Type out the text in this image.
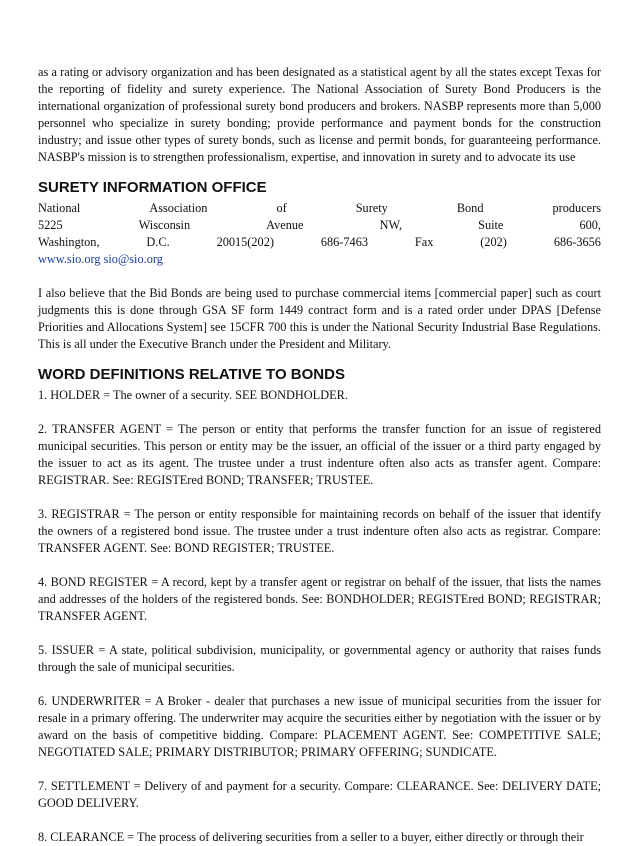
as a rating or advisory organization and has been designated as a statistical agent by all the states except Texas for the reporting of fidelity and surety experience. The National Association of Surety Bond Producers is the international organization of professional surety bond producers and brokers. NASBP represents more than 5,000 personnel who specialize in surety bonding; provide performance and payment bonds for the construction industry; and issue other types of surety bonds, such as license and permit bonds, for guaranteeing performance. NASBP's mission is to strengthen professionalism, expertise, and innovation in surety and to advocate its use

SURETY INFORMATION OFFICE
National	Association	of	Surety	Bond	producers
5225	Wisconsin	Avenue	NW,	Suite	600,
Washington,	D.C.	20015(202)	686-7463	Fax	(202)	686-3656

www.sio.org sio@sio.org

I also believe that the Bid Bonds are being used to purchase commercial items [commercial paper] such as court judgments this is done through GSA SF form 1449 contract form and is a rated order under DPAS [Defense Priorities and Allocations System] see 15CFR 700 this is under the National Security Industrial Base Regulations. This is all under the Executive Branch under the President and Military.

WORD DEFINITIONS RELATIVE TO BONDS

1. HOLDER = The owner of a security. SEE BONDHOLDER.

2. TRANSFER AGENT = The person or entity that performs the transfer function for an issue of registered municipal securities. This person or entity may be the issuer, an official of the issuer or a third party engaged by the issuer to act as its agent. The trustee under a trust indenture often also acts as transfer agent. Compare: REGISTRAR. See: REGISTEred BOND; TRANSFER; TRUSTEE.

3. REGISTRAR = The person or entity responsible for maintaining records on behalf of the issuer that identify the owners of a registered bond issue. The trustee under a trust indenture often also acts as registrar. Compare: TRANSFER AGENT. See: BOND REGISTER; TRUSTEE.

4. BOND REGISTER = A record, kept by a transfer agent or registrar on behalf of the issuer, that lists the names and addresses of the holders of the registered bonds. See: BONDHOLDER; REGISTEred BOND; REGISTRAR; TRANSFER AGENT.

5. ISSUER = A state, political subdivision, municipality, or governmental agency or authority that raises funds through the sale of municipal securities.

6. UNDERWRITER = A Broker - dealer that purchases a new issue of municipal securities from the issuer for resale in a primary offering. The underwriter may acquire the securities either by negotiation with the issuer or by award on the basis of competitive bidding. Compare: PLACEMENT AGENT. See: COMPETITIVE SALE; NEGOTIATED SALE; PRIMARY DISTRIBUTOR; PRIMARY OFFERING; SUNDICATE.

7. SETTLEMENT = Delivery of and payment for a security. Compare: CLEARANCE. See: DELIVERY DATE; GOOD DELIVERY.

8. CLEARANCE = The process of delivering securities from a seller to a buyer, either directly or through their
